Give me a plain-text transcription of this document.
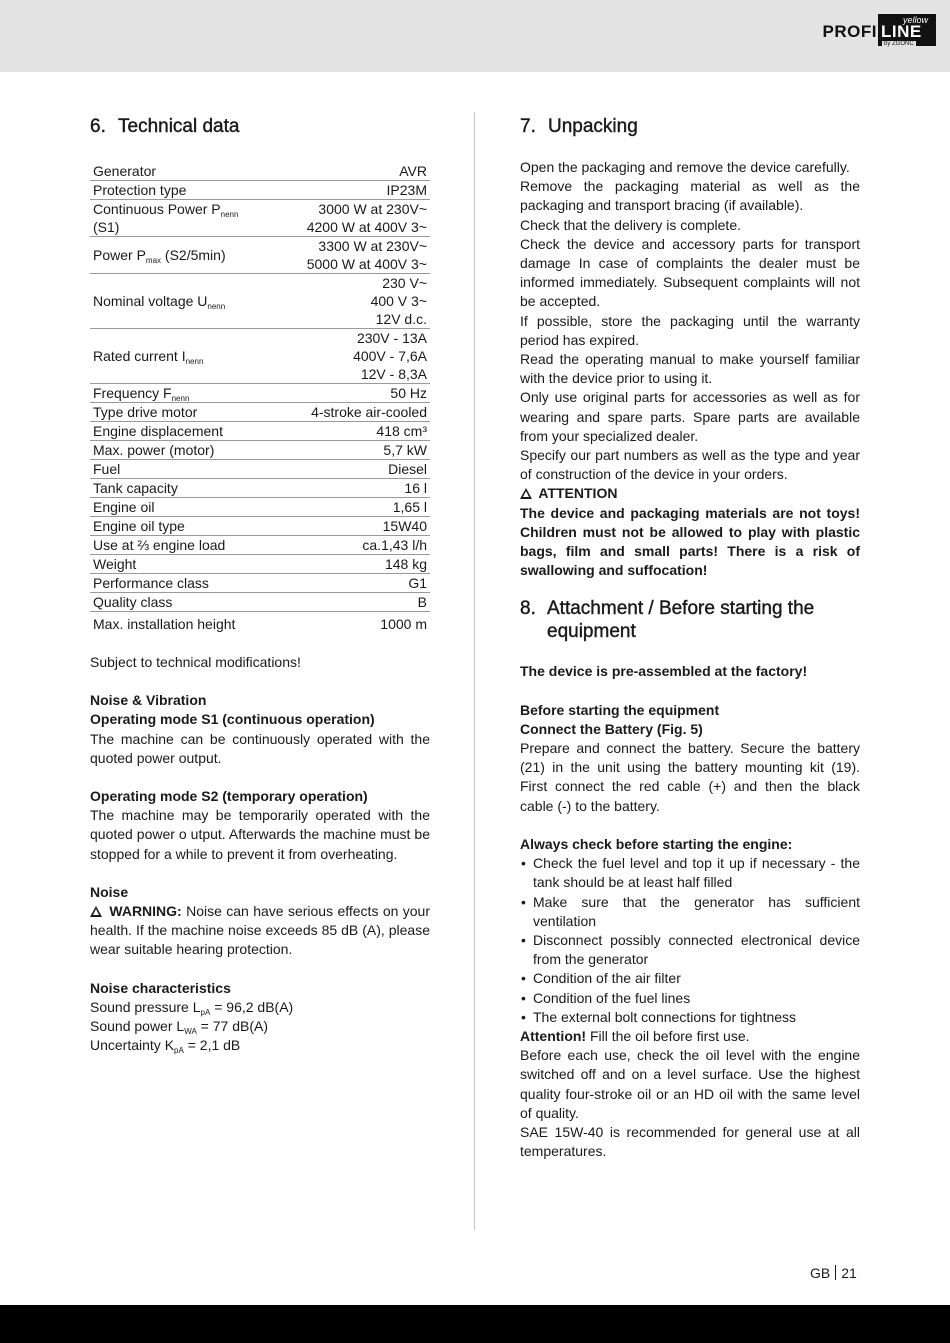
PROFI
yellow
LINE
by ZGONC
6. Technical data
Generator	AVR
Protection type	IP23M
Continuous Power $P_{nenn}$
(S1)	3000 W at 230V~
4200 W at 400V 3~
Power $P_{max}$ (S2/5min)	3300 W at 230V~
5000 W at 400V 3~
Nominal voltage $U_{nenn}$	230 V~
400 V 3~
12V d.c.
Rated current $I_{nenn}$	230V - 13A
400V - 7,6A
12V - 8,3A
Frequency $F_{nenn}$	50 Hz
Type drive motor	4-stroke air-cooled
Engine displacement	418 cm³
Max. power (motor)	5,7 kW
Fuel	Diesel
Tank capacity	16 l
Engine oil	1,65 l
Engine oil type	15W40
Use at ⅔ engine load	ca.1,43 l/h
Weight	148 kg
Performance class	G1
Quality class	B
Max. installation height	1000 m

Subject to technical modifications!

Noise & Vibration

Operating mode S1 (continuous operation)

The machine can be continuously operated with the quoted power output.

Operating mode S2 (temporary operation)

The machine may be temporarily operated with the quoted power o utput. Afterwards the machine must be stopped for a while to prevent it from overheating.

Noise

WARNING: Noise can have serious effects on your health. If the machine noise exceeds 85 dB (A), please wear suitable hearing protection.

Noise characteristics

Sound pressure $L_{pA} = 96,2$ dB(A)

Sound power $L_{WA} = 77$ dB(A)

Uncertainty $K_{pA} = 2,1$ dB

7. Unpacking

Open the packaging and remove the device carefully.

Remove the packaging material as well as the packaging and transport bracing (if available).

Check that the delivery is complete.

Check the device and accessory parts for transport damage In case of complaints the dealer must be informed immediately. Subsequent complaints will not be accepted.

If possible, store the packaging until the warranty period has expired.

Read the operating manual to make yourself familiar with the device prior to using it.

Only use original parts for accessories as well as for wearing and spare parts. Spare parts are available from your specialized dealer.

Specify our part numbers as well as the type and year of construction of the device in your orders.

ATTENTION

The device and packaging materials are not toys! Children must not be allowed to play with plastic bags, film and small parts! There is a risk of swallowing and suffocation!

8. Attachment / Before starting the equipment

The device is pre-assembled at the factory!

Before starting the equipment

Connect the Battery (Fig. 5)

Prepare and connect the battery. Secure the battery (21) in the unit using the battery mounting kit (19). First connect the red cable (+) and then the black cable (-) to the battery.

Always check before starting the engine:

• Check the fuel level and top it up if necessary - the tank should be at least half filled
• Make sure that the generator has sufficient ventilation
• Disconnect possibly connected electronical device from the generator
• Condition of the air filter
• Condition of the fuel lines
• The external bolt connections for tightness

Attention! Fill the oil before first use.

Before each use, check the oil level with the engine switched off and on a level surface. Use the highest quality four-stroke oil or an HD oil with the same level of quality.

SAE 15W-40 is recommended for general use at all temperatures.

GB 21
